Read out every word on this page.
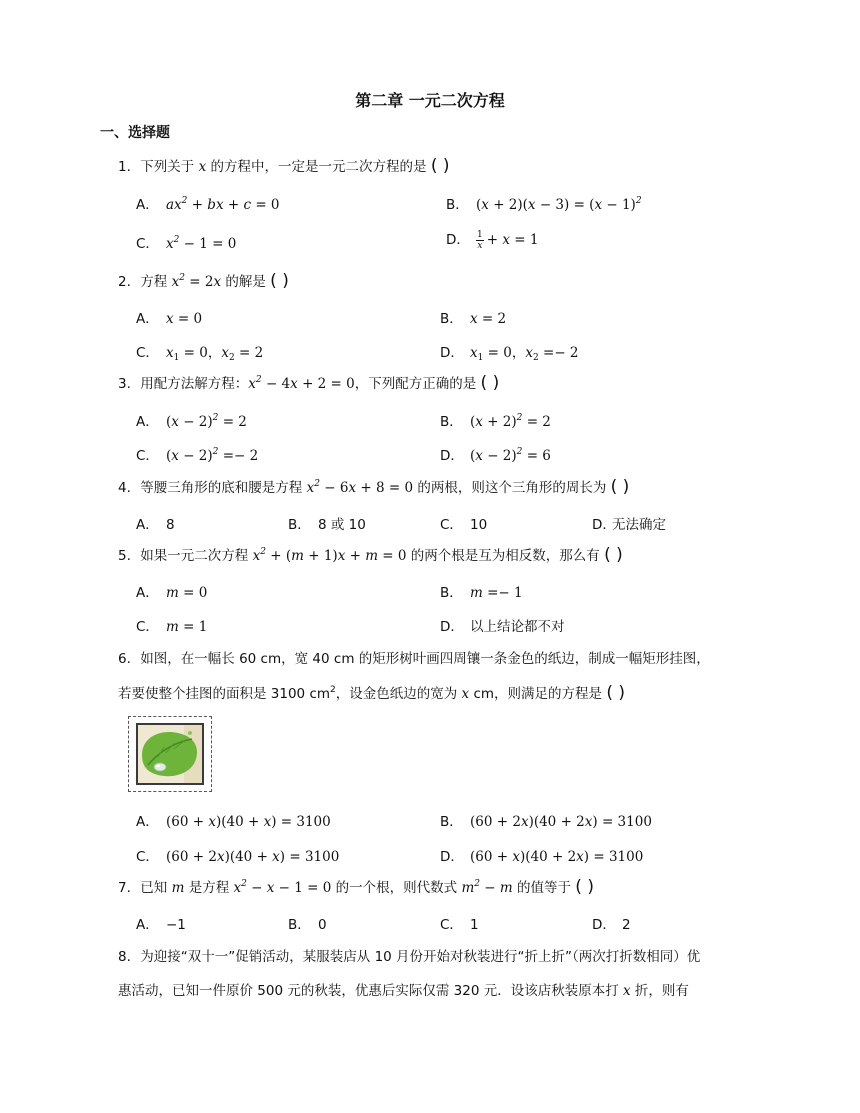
第二章 一元二次方程
一、选择题
1. 下列关于 x 的方程中，一定是一元二次方程的是 ( )
A． $ax^2$ + bx + c = 0	B． $(x + 2)(x - 3) = (x - 1)^2$
C． $x^2 - 1 = 0$	D． $\frac{1}{x} + x = 1$
2. 方程 $x^2 = 2x$ 的解是 ( )
A． x = 0	B． x = 2
C． $x_1 = 0$，$x_2 = 2$	D． $x_1 = 0$，$x_2 =- 2$
3. 用配方法解方程：$x^2 - 4x + 2 = 0$，下列配方正确的是 ( )
A． $(x - 2)^2 = 2$	B． $(x + 2)^2 = 2$
C． $(x - 2)^2 =- 2$	D． $(x - 2)^2 = 6$
4. 等腰三角形的底和腰是方程 $x^2 - 6x + 8 = 0$ 的两根，则这个三角形的周长为 ( )
A． 8	B． 8 或 10	C． 10	D．无法确定
5. 如果一元二次方程 $x^2 + (m + 1)x + m = 0$ 的两个根是互为相反数，那么有 ( )
A． m = 0	B． m =− 1
C． m = 1	D． 以上结论都不对
6. 如图，在一幅长 60 cm，宽 40 cm 的矩形树叶画四周镶一条金色的纸边，制成一幅矩形挂图，
若要使整个挂图的面积是 3100 $cm^2$，设金色纸边的宽为 x cm，则满足的方程是 ( )
A． (60 + x)(40 + x) = 3100	B． (60 + 2x)(40 + 2x) = 3100
C． (60 + 2x)(40 + x) = 3100	D． (60 + x)(40 + 2x) = 3100
7. 已知 m 是方程 $x^2 - x - 1 = 0$ 的一个根，则代数式 $m^2 - m$ 的值等于 ( )
A． −1	B． 0	C． 1	D． 2
8. 为迎接“双十一”促销活动，某服装店从 10 月份开始对秋装进行“折上折”（两次打折数相同）优
惠活动，已知一件原价 500 元的秋装，优惠后实际仅需 320 元．设该店秋装原本打 x 折，则有
